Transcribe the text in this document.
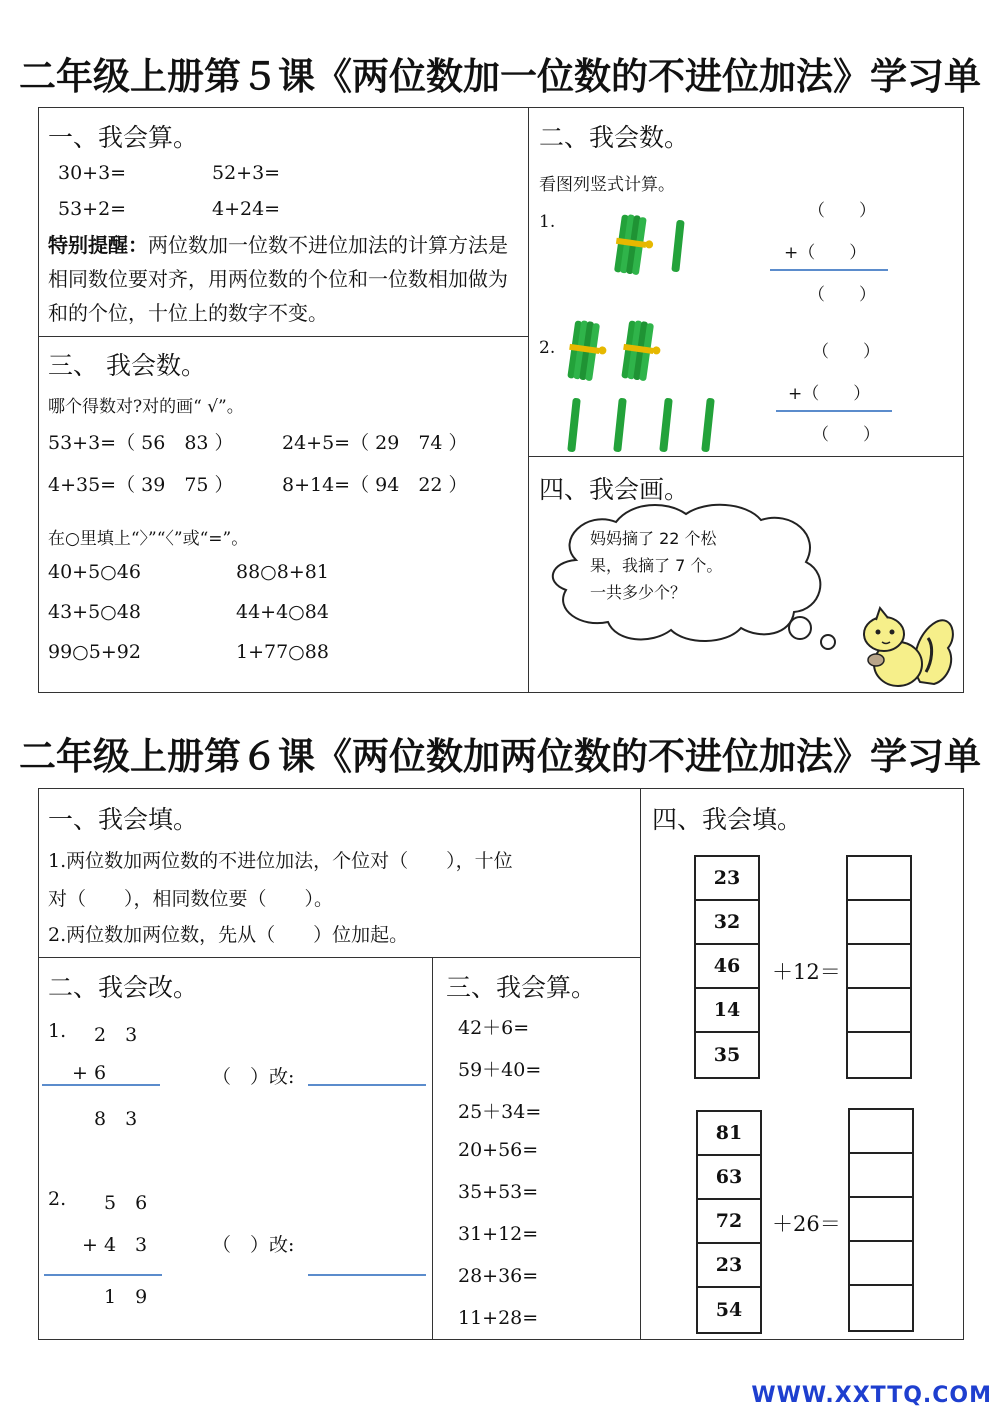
二年级上册第５课《两位数加一位数的不进位加法》学习单
一、我会算。
30+3=	52+3=
53+2=	4+24=
特别提醒：两位数加一位数不进位加法的计算方法是相同数位要对齐，用两位数的个位和一位数相加做为和的个位，十位上的数字不变。
三、 我会数。
哪个得数对?对的画“ √”。
53+3=（ 56　83 ）	24+5=（ 29　74 ）
4+35=（ 39　75 ）	8+14=（ 94　22 ）
在○里填上“〉”“〈”或“=”。
40+5○46	88○8+81
43+5○48	44+4○84
99○5+92	1+77○88
二、我会数。
看图列竖式计算。
1.
2.
（　　）
+（　　）
（　　）
（　　）
+（　　）
（　　）
四、我会画。
妈妈摘了 22 个松
果，我摘了 7 个。
一共多少个？
二年级上册第６课《两位数加两位数的不进位加法》学习单
一、我会填。
1.两位数加两位数的不进位加法，个位对（　　），十位
对（　　），相同数位要（　　）。
2.两位数加两位数，先从（　　）位加起。
二、我会改。
1. 2　3
+ 6
8　3
（　）改:
2. 5　6
+ 4　3
1　9
（　）改:
三、我会算。
42＋6=
59＋40=
25＋34=
20+56=
35+53=
31+12=
28+36=
11+28=
四、我会填。
23
32
46
14
35
＋12＝
81
63
72
23
54
＋26＝
WWW.XXTTQ.COM
